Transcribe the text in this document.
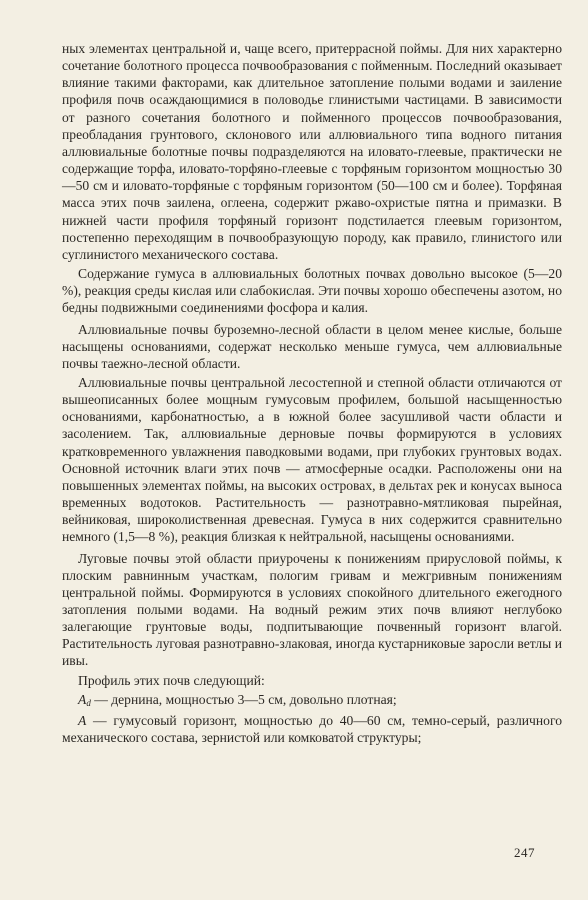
ных элементах центральной и, чаще всего, притеррасной поймы. Для них характерно сочетание болотного процесса почвообразования с пойменным. Последний оказывает влияние такими факторами, как длительное затопление полыми водами и заиление профиля почв осаждающимися в половодье глинистыми частицами. В зависимости от разного сочетания болотного и пойменного процессов почвообразования, преобладания грунтового, склонового или аллювиального типа водного питания аллювиальные болотные почвы подразделяются на иловато-глеевые, практически не содержащие торфа, иловато-торфяно-глеевые с торфяным горизонтом мощностью 30—50 см и иловато-торфяные с торфяным горизонтом (50—100 см и более). Торфяная масса этих почв заилена, оглеена, содержит ржаво-охристые пятна и примазки. В нижней части профиля торфяный горизонт подстилается глеевым горизонтом, постепенно переходящим в почвообразующую породу, как правило, глинистого или суглинистого механического состава.

Содержание гумуса в аллювиальных болотных почвах довольно высокое (5—20 %), реакция среды кислая или слабокислая. Эти почвы хорошо обеспечены азотом, но бедны подвижными соединениями фосфора и калия.

Аллювиальные почвы буроземно-лесной области в целом менее кислые, больше насыщены основаниями, содержат несколько меньше гумуса, чем аллювиальные почвы таежно-лесной области.

Аллювиальные почвы центральной лесостепной и степной области отличаются от вышеописанных более мощным гумусовым профилем, большой насыщенностью основаниями, карбонатностью, а в южной более засушливой части области и засолением. Так, аллювиальные дерновые почвы формируются в условиях кратковременного увлажнения паводковыми водами, при глубоких грунтовых водах. Основной источник влаги этих почв — атмосферные осадки. Расположены они на повышенных элементах поймы, на высоких островах, в дельтах рек и конусах выноса временных водотоков. Растительность — разнотравно-мятликовая пырейная, вейниковая, широколиственная древесная. Гумуса в них содержится сравнительно немного (1,5—8 %), реакция близкая к нейтральной, насыщены основаниями.

Луговые почвы этой области приурочены к понижениям прирусловой поймы, к плоским равнинным участкам, пологим гривам и межгривным понижениям центральной поймы. Формируются в условиях спокойного длительного ежегодного затопления полыми водами. На водный режим этих почв влияют неглубоко залегающие грунтовые воды, подпитывающие почвенный горизонт влагой. Растительность луговая разнотравно-злаковая, иногда кустарниковые заросли ветлы и ивы.

Профиль этих почв следующий:

$A_d$ — дернина, мощностью 3—5 см, довольно плотная;

A — гумусовый горизонт, мощностью до 40—60 см, темно-серый, различного механического состава, зернистой или комковатой структуры;

247
